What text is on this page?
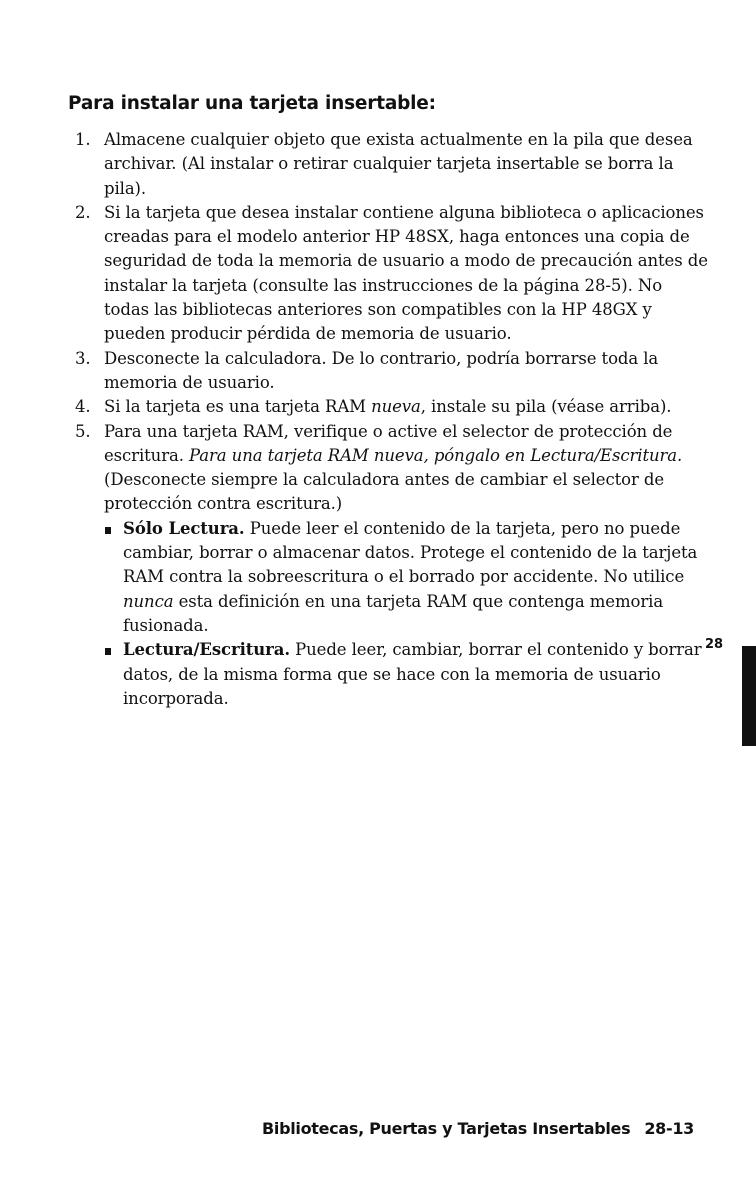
Para instalar una tarjeta insertable:
1. Almacene cualquier objeto que exista actualmente en la pila que desea archivar. (Al instalar o retirar cualquier tarjeta insertable se borra la pila).
2. Si la tarjeta que desea instalar contiene alguna biblioteca o aplicaciones creadas para el modelo anterior HP 48SX, haga entonces una copia de seguridad de toda la memoria de usuario a modo de precaución antes de instalar la tarjeta (consulte las instrucciones de la página 28-5). No todas las bibliotecas anteriores son compatibles con la HP 48GX y pueden producir pérdida de memoria de usuario.
3. Desconecte la calculadora. De lo contrario, podría borrarse toda la memoria de usuario.
4. Si la tarjeta es una tarjeta RAM nueva, instale su pila (véase arriba).
5. Para una tarjeta RAM, verifique o active el selector de protección de escritura. Para una tarjeta RAM nueva, póngalo en Lectura/Escritura. (Desconecte siempre la calculadora antes de cambiar el selector de protección contra escritura.)
Sólo Lectura. Puede leer el contenido de la tarjeta, pero no puede cambiar, borrar o almacenar datos. Protege el contenido de la tarjeta RAM contra la sobreescritura o el borrado por accidente. No utilice nunca esta definición en una tarjeta RAM que contenga memoria fusionada.
Lectura/Escritura. Puede leer, cambiar, borrar el contenido y borrar datos, de la misma forma que se hace con la memoria de usuario incorporada.
28

Bibliotecas, Puertas y Tarjetas Insertables 28-13
